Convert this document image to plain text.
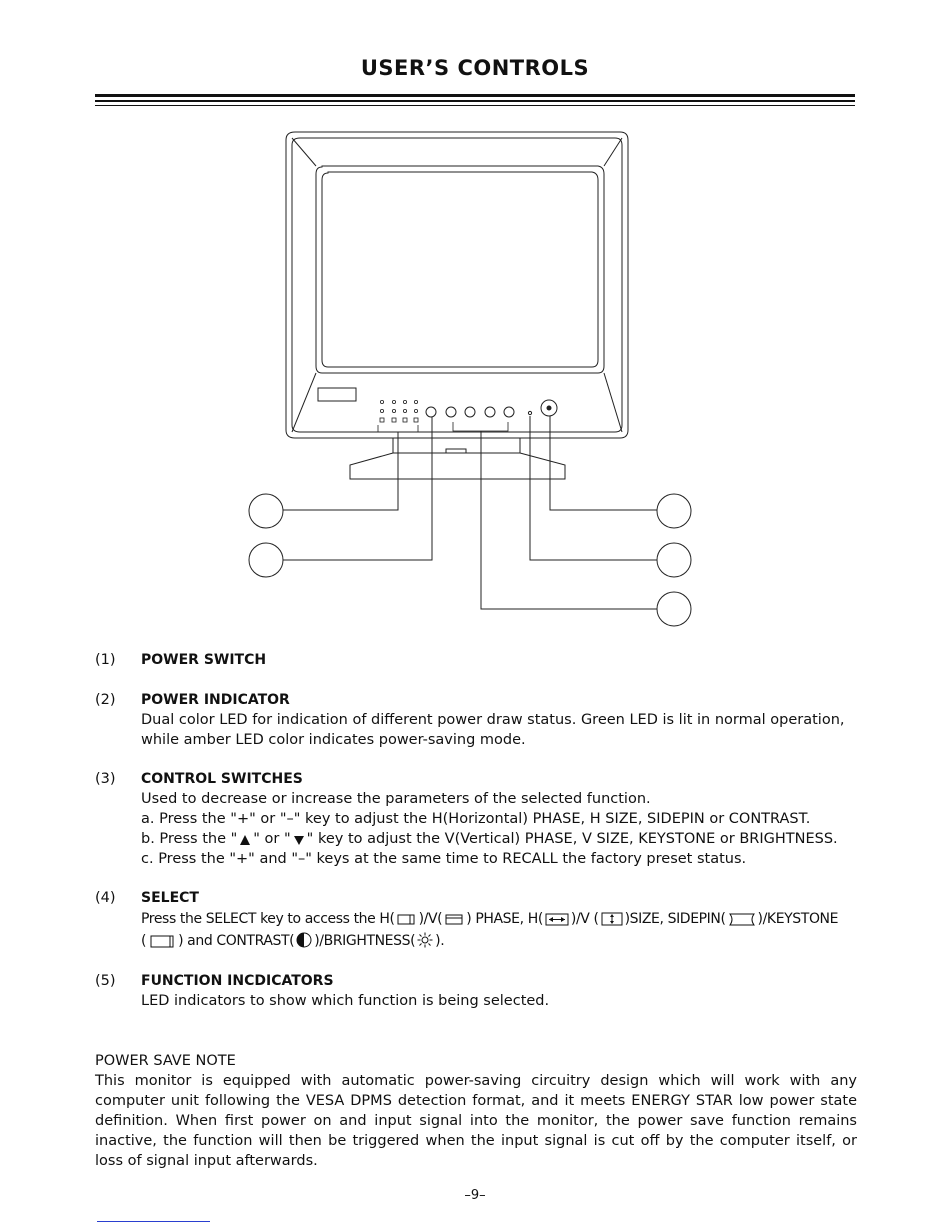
USER’S CONTROLS
(1) POWER SWITCH
(2) POWER INDICATOR
Dual color LED for indication of different power draw status. Green LED is lit in normal operation,
while amber LED color indicates power-saving mode.
(3) CONTROL SWITCHES
Used to decrease or increase the parameters of the selected function.
a. Press the "+" or "–" key to adjust the H(Horizontal) PHASE, H SIZE, SIDEPIN or CONTRAST.
b. Press the " " or " " key to adjust the V(Vertical) PHASE, V SIZE, KEYSTONE or BRIGHTNESS.
c. Press the "+" and "–" keys at the same time to RECALL the factory preset status.
(4) SELECT
Press the SELECT key to access the H( )/V( ) PHASE, H( )/V ( )SIZE, SIDEPIN( )/KEYSTONE
( ) and CONTRAST( )/BRIGHTNESS( ).
(5) FUNCTION INCDICATORS
LED indicators to show which function is being selected.
POWER SAVE NOTE
This monitor is equipped with automatic power-saving circuitry design which will work with any computer unit following the VESA DPMS detection format, and it meets ENERGY STAR low power state definition. When first power on and input signal into the monitor, the power save function remains inactive, the function will then be triggered when the input signal is cut off by the computer itself, or loss of signal input afterwards.
–9–
